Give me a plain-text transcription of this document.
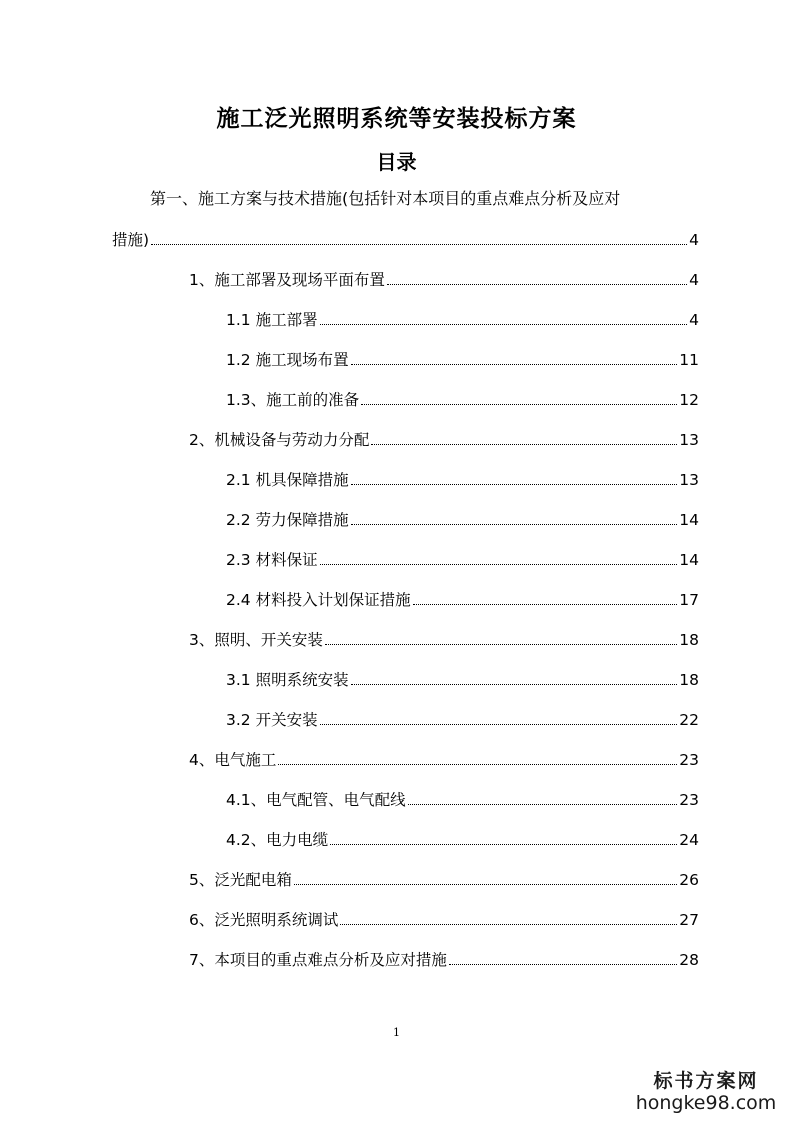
施工泛光照明系统等安装投标方案
目录
第一、施工方案与技术措施(包括针对本项目的重点难点分析及应对
措施)	4
1、施工部署及现场平面布置	4
1.1 施工部署	4
1.2 施工现场布置	11
1.3、施工前的准备	12
2、机械设备与劳动力分配	13
2.1 机具保障措施	13
2.2 劳力保障措施	14
2.3 材料保证	14
2.4 材料投入计划保证措施	17
3、照明、开关安装	18
3.1 照明系统安装	18
3.2 开关安装	22
4、电气施工	23
4.1、电气配管、电气配线	23
4.2、电力电缆	24
5、泛光配电箱	26
6、泛光照明系统调试	27
7、本项目的重点难点分析及应对措施	28
1
标书方案网
hongke98.com
